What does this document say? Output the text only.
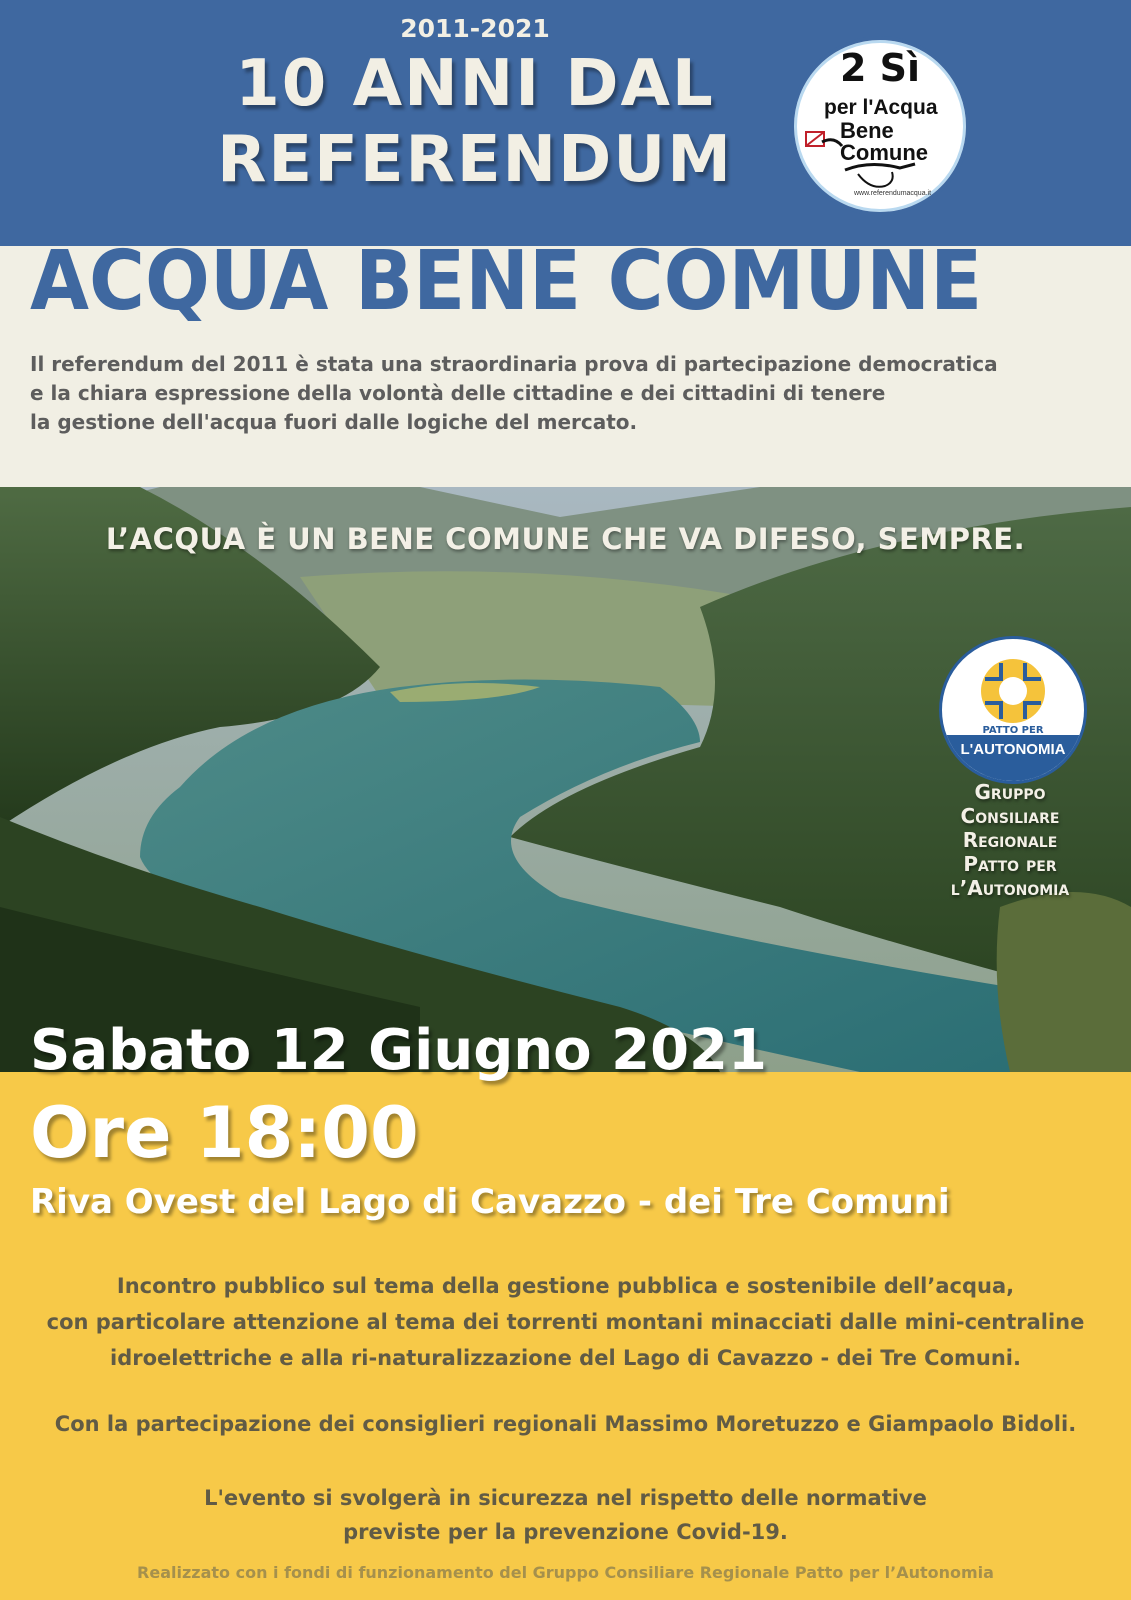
2011-2021
10 ANNI DAL
REFERENDUM
2 Sì
per l'Acqua
Bene
Comune
www.referendumacqua.it
ACQUA BENE COMUNE
Il referendum del 2011 è stata una straordinaria prova di partecipazione democratica
e la chiara espressione della volontà delle cittadine e dei cittadini di tenere
la gestione dell'acqua fuori dalle logiche del mercato.
L’ACQUA È UN BENE COMUNE CHE VA DIFESO, SEMPRE.
PATTO PER
L'AUTONOMIA
Gruppo
Consiliare
Regionale
Patto per
l’Autonomia
Sabato 12 Giugno 2021
Ore 18:00
Riva Ovest del Lago di Cavazzo - dei Tre Comuni
Incontro pubblico sul tema della gestione pubblica e sostenibile dell’acqua,
con particolare attenzione al tema dei torrenti montani minacciati dalle mini-centraline
idroelettriche e alla ri-naturalizzazione del Lago di Cavazzo - dei Tre Comuni.
Con la partecipazione dei consiglieri regionali Massimo Moretuzzo e Giampaolo Bidoli.
L'evento si svolgerà in sicurezza nel rispetto delle normative
previste per la prevenzione Covid-19.
Realizzato con i fondi di funzionamento del Gruppo Consiliare Regionale Patto per l’Autonomia
